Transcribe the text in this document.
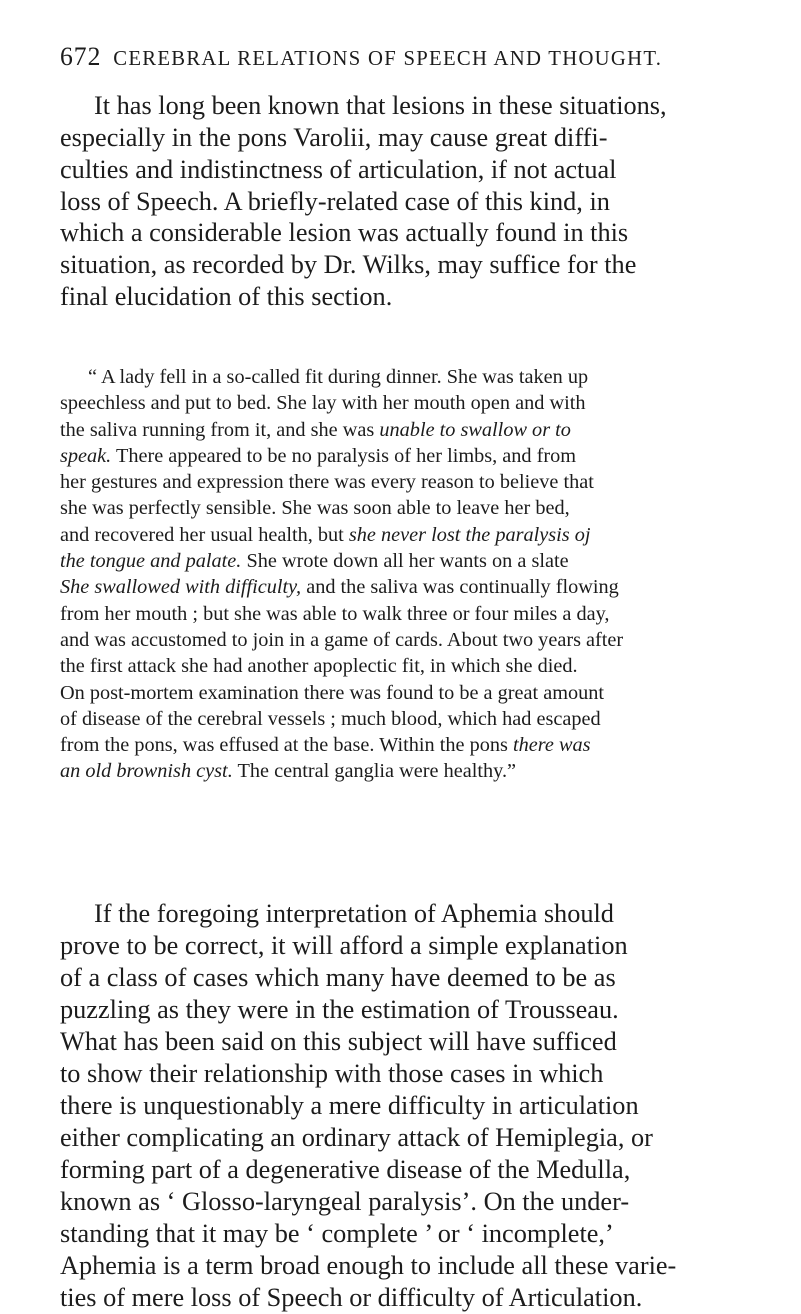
672 CEREBRAL RELATIONS OF SPEECH AND THOUGHT.
It has long been known that lesions in these situations,
especially in the pons Varolii, may cause great diffi-
culties and indistinctness of articulation, if not actual
loss of Speech. A briefly-related case of this kind, in
which a considerable lesion was actually found in this
situation, as recorded by Dr. Wilks, may suffice for the
final elucidation of this section.
“ A lady fell in a so-called fit during dinner. She was taken up
speechless and put to bed. She lay with her mouth open and with
the saliva running from it, and she was unable to swallow or to
speak. There appeared to be no paralysis of her limbs, and from
her gestures and expression there was every reason to believe that
she was perfectly sensible. She was soon able to leave her bed,
and recovered her usual health, but she never lost the paralysis oj
the tongue and palate. She wrote down all her wants on a slate
She swallowed with difficulty, and the saliva was continually flowing
from her mouth ; but she was able to walk three or four miles a day,
and was accustomed to join in a game of cards. About two years after
the first attack she had another apoplectic fit, in which she died.
On post-mortem examination there was found to be a great amount
of disease of the cerebral vessels ; much blood, which had escaped
from the pons, was effused at the base. Within the pons there was
an old brownish cyst. The central ganglia were healthy.”
If the foregoing interpretation of Aphemia should
prove to be correct, it will afford a simple explanation
of a class of cases which many have deemed to be as
puzzling as they were in the estimation of Trousseau.
What has been said on this subject will have sufficed
to show their relationship with those cases in which
there is unquestionably a mere difficulty in articulation
either complicating an ordinary attack of Hemiplegia, or
forming part of a degenerative disease of the Medulla,
known as ‘ Glosso-laryngeal paralysis’. On the under-
standing that it may be ‘ complete ’ or ‘ incomplete,’
Aphemia is a term broad enough to include all these varie-
ties of mere loss of Speech or difficulty of Articulation.
